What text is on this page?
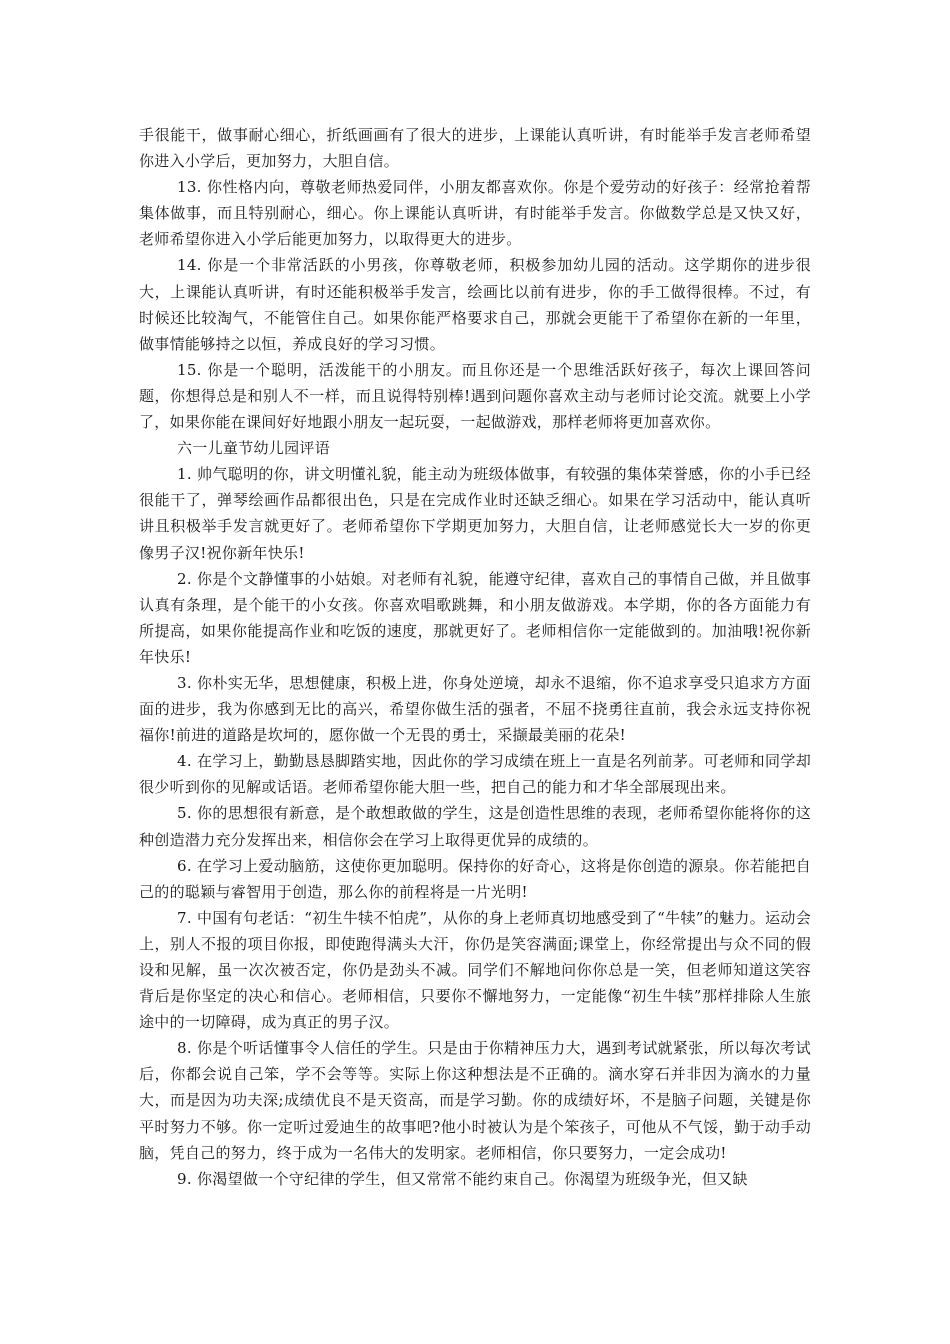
手很能干，做事耐心细心，折纸画画有了很大的进步，上课能认真听讲，有时能举手发言老师希望你进入小学后，更加努力，大胆自信。

13. 你性格内向，尊敬老师热爱同伴，小朋友都喜欢你。你是个爱劳动的好孩子：经常抢着帮集体做事，而且特别耐心，细心。你上课能认真听讲，有时能举手发言。你做数学总是又快又好，老师希望你进入小学后能更加努力，以取得更大的进步。

14. 你是一个非常活跃的小男孩，你尊敬老师，积极参加幼儿园的活动。这学期你的进步很大，上课能认真听讲，有时还能积极举手发言，绘画比以前有进步，你的手工做得很棒。不过，有时候还比较淘气，不能管住自己。如果你能严格要求自己，那就会更能干了希望你在新的一年里，做事情能够持之以恒，养成良好的学习习惯。

15. 你是一个聪明，活泼能干的小朋友。而且你还是一个思维活跃好孩子，每次上课回答问题，你想得总是和别人不一样，而且说得特别棒!遇到问题你喜欢主动与老师讨论交流。就要上小学了，如果你能在课间好好地跟小朋友一起玩耍，一起做游戏，那样老师将更加喜欢你。

六一儿童节幼儿园评语

1. 帅气聪明的你，讲文明懂礼貌，能主动为班级体做事，有较强的集体荣誉感，你的小手已经很能干了，弹琴绘画作品都很出色，只是在完成作业时还缺乏细心。如果在学习活动中，能认真听讲且积极举手发言就更好了。老师希望你下学期更加努力，大胆自信，让老师感觉长大一岁的你更像男子汉!祝你新年快乐!

2. 你是个文静懂事的小姑娘。对老师有礼貌，能遵守纪律，喜欢自己的事情自己做，并且做事认真有条理，是个能干的小女孩。你喜欢唱歌跳舞，和小朋友做游戏。本学期，你的各方面能力有所提高，如果你能提高作业和吃饭的速度，那就更好了。老师相信你一定能做到的。加油哦!祝你新年快乐!

3. 你朴实无华，思想健康，积极上进，你身处逆境，却永不退缩，你不追求享受只追求方方面面的进步，我为你感到无比的高兴，希望你做生活的强者，不屈不挠勇往直前，我会永远支持你祝福你!前进的道路是坎坷的，愿你做一个无畏的勇士，采撷最美丽的花朵!

4. 在学习上，勤勤恳恳脚踏实地，因此你的学习成绩在班上一直是名列前茅。可老师和同学却很少听到你的见解或话语。老师希望你能大胆一些，把自己的能力和才华全部展现出来。

5. 你的思想很有新意，是个敢想敢做的学生，这是创造性思维的表现，老师希望你能将你的这种创造潜力充分发挥出来，相信你会在学习上取得更优异的成绩的。

6. 在学习上爱动脑筋，这使你更加聪明。保持你的好奇心，这将是你创造的源泉。你若能把自己的的聪颖与睿智用于创造，那么你的前程将是一片光明!

7. 中国有句老话：“初生牛犊不怕虎”，从你的身上老师真切地感受到了“牛犊”的魅力。运动会上，别人不报的项目你报，即使跑得满头大汗，你仍是笑容满面;课堂上，你经常提出与众不同的假设和见解，虽一次次被否定，你仍是劲头不减。同学们不解地问你你总是一笑，但老师知道这笑容背后是你坚定的决心和信心。老师相信，只要你不懈地努力，一定能像“初生牛犊”那样排除人生旅途中的一切障碍，成为真正的男子汉。

8. 你是个听话懂事令人信任的学生。只是由于你精神压力大，遇到考试就紧张，所以每次考试后，你都会说自己笨，学不会等等。实际上你这种想法是不正确的。滴水穿石并非因为滴水的力量大，而是因为功夫深;成绩优良不是天资高，而是学习勤。你的成绩好坏，不是脑子问题，关键是你平时努力不够。你一定听过爱迪生的故事吧?他小时被认为是个笨孩子，可他从不气馁，勤于动手动脑，凭自己的努力，终于成为一名伟大的发明家。老师相信，你只要努力，一定会成功!

9. 你渴望做一个守纪律的学生，但又常常不能约束自己。你渴望为班级争光，但又缺
